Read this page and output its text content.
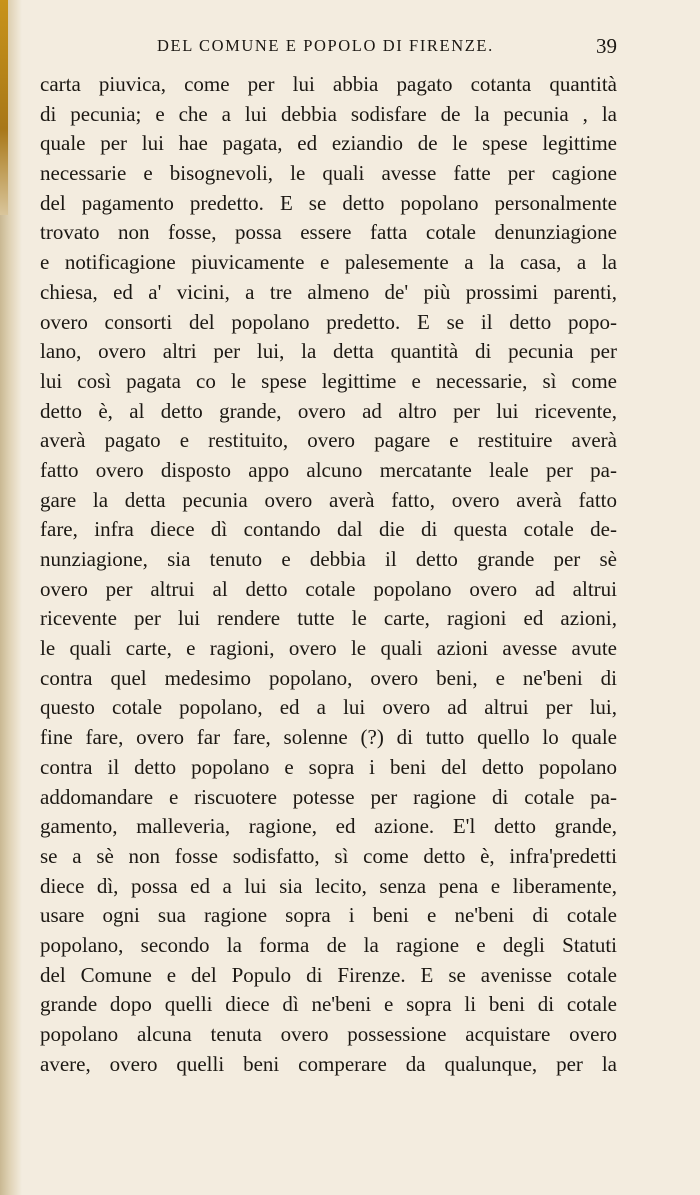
DEL COMUNE E POPOLO DI FIRENZE.	39
carta piuvica, come per lui abbia pagato cotanta quantità
di pecunia; e che a lui debbia sodisfare de la pecunia , la
quale per lui hae pagata, ed eziandio de le spese legittime
necessarie e bisognevoli, le quali avesse fatte per cagione
del pagamento predetto. E se detto popolano personalmente
trovato non fosse, possa essere fatta cotale denunziagione
e notificagione piuvicamente e palesemente a la casa, a la
chiesa, ed a' vicini, a tre almeno de' più prossimi parenti,
overo consorti del popolano predetto. E se il detto popo-
lano, overo altri per lui, la detta quantità di pecunia per
lui così pagata co le spese legittime e necessarie, sì come
detto è, al detto grande, overo ad altro per lui ricevente,
averà pagato e restituito, overo pagare e restituire averà
fatto overo disposto appo alcuno mercatante leale per pa-
gare la detta pecunia overo averà fatto, overo averà fatto
fare, infra diece dì contando dal die di questa cotale de-
nunziagione, sia tenuto e debbia il detto grande per sè
overo per altrui al detto cotale popolano overo ad altrui
ricevente per lui rendere tutte le carte, ragioni ed azioni,
le quali carte, e ragioni, overo le quali azioni avesse avute
contra quel medesimo popolano, overo beni, e ne'beni di
questo cotale popolano, ed a lui overo ad altrui per lui,
fine fare, overo far fare, solenne (?) di tutto quello lo quale
contra il detto popolano e sopra i beni del detto popolano
addomandare e riscuotere potesse per ragione di cotale pa-
gamento, malleveria, ragione, ed azione. E'l detto grande,
se a sè non fosse sodisfatto, sì come detto è, infra'predetti
diece dì, possa ed a lui sia lecito, senza pena e liberamente,
usare ogni sua ragione sopra i beni e ne'beni di cotale
popolano, secondo la forma de la ragione e degli Statuti
del Comune e del Populo di Firenze. E se avenisse cotale
grande dopo quelli diece dì ne'beni e sopra li beni di cotale
popolano alcuna tenuta overo possessione acquistare overo
avere, overo quelli beni comperare da qualunque, per la
